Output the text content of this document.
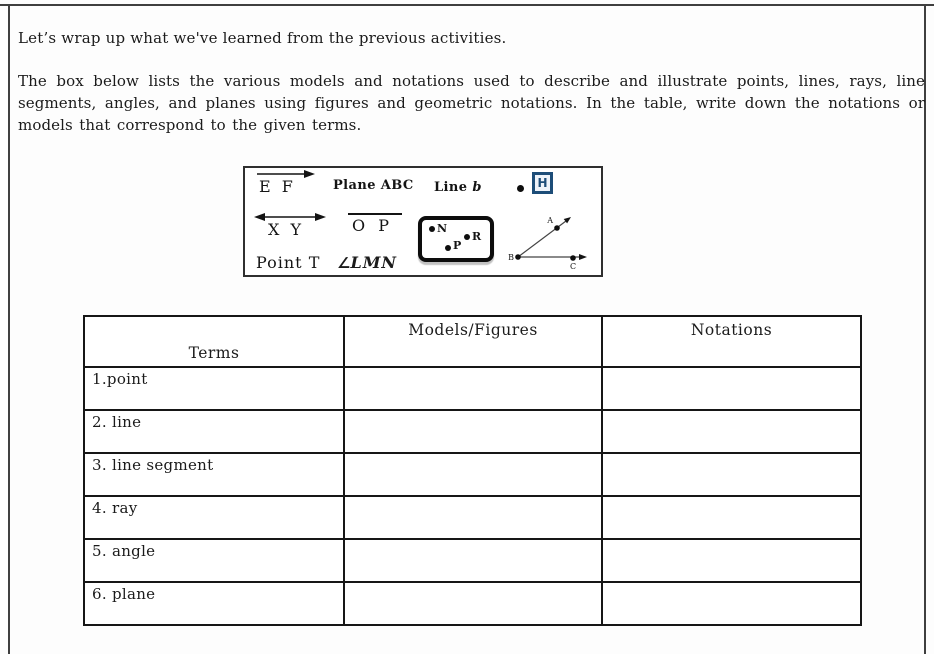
Let’s wrap up what we've learned from the previous activities.
The box below lists the various models and notations used to describe and illustrate points, lines, rays, line segments, angles, and planes using figures and geometric notations. In the table, write down the notations or models that correspond to the given terms.
E F	Plane ABC Line b	H
X Y	O P	N
R
P
A
B
C
Point T ∠LMN
Terms	Models/Figures	Notations
1.point		
2. line		
3. line segment		
4. ray		
5. angle		
6. plane		
